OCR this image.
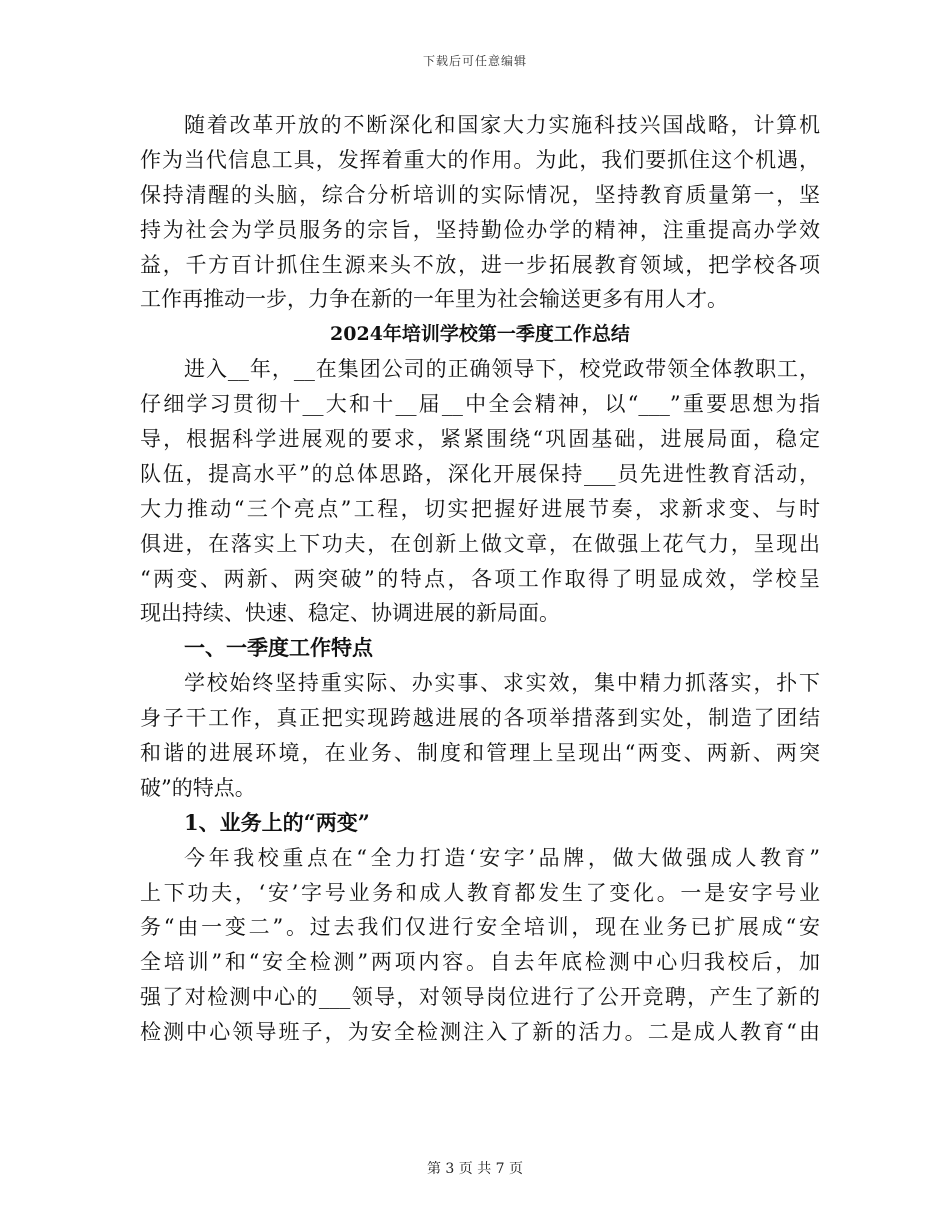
下载后可任意编辑
随着改革开放的不断深化和国家大力实施科技兴国战略，计算机
作为当代信息工具，发挥着重大的作用。为此，我们要抓住这个机遇，
保持清醒的头脑，综合分析培训的实际情况，坚持教育质量第一，坚
持为社会为学员服务的宗旨，坚持勤俭办学的精神，注重提高办学效
益，千方百计抓住生源来头不放，进一步拓展教育领域，把学校各项
工作再推动一步，力争在新的一年里为社会输送更多有用人才。
2024年培训学校第一季度工作总结
进入__年，__在集团公司的正确领导下，校党政带领全体教职工，
仔细学习贯彻十__大和十__届__中全会精神，以“___”重要思想为指
导，根据科学进展观的要求，紧紧围绕“巩固基础，进展局面，稳定
队伍，提高水平”的总体思路，深化开展保持___员先进性教育活动，
大力推动“三个亮点”工程，切实把握好进展节奏，求新求变、与时
俱进，在落实上下功夫，在创新上做文章，在做强上花气力，呈现出
“两变、两新、两突破”的特点，各项工作取得了明显成效，学校呈
现出持续、快速、稳定、协调进展的新局面。
一、一季度工作特点
学校始终坚持重实际、办实事、求实效，集中精力抓落实，扑下
身子干工作，真正把实现跨越进展的各项举措落到实处，制造了团结
和谐的进展环境，在业务、制度和管理上呈现出“两变、两新、两突
破”的特点。
1、业务上的“两变”
今年我校重点在“全力打造‘安字’品牌，做大做强成人教育”
上下功夫，‘安’字号业务和成人教育都发生了变化。一是安字号业
务“由一变二”。过去我们仅进行安全培训，现在业务已扩展成“安
全培训”和“安全检测”两项内容。自去年底检测中心归我校后，加
强了对检测中心的___领导，对领导岗位进行了公开竞聘，产生了新的
检测中心领导班子，为安全检测注入了新的活力。二是成人教育“由
第 3 页 共 7 页
